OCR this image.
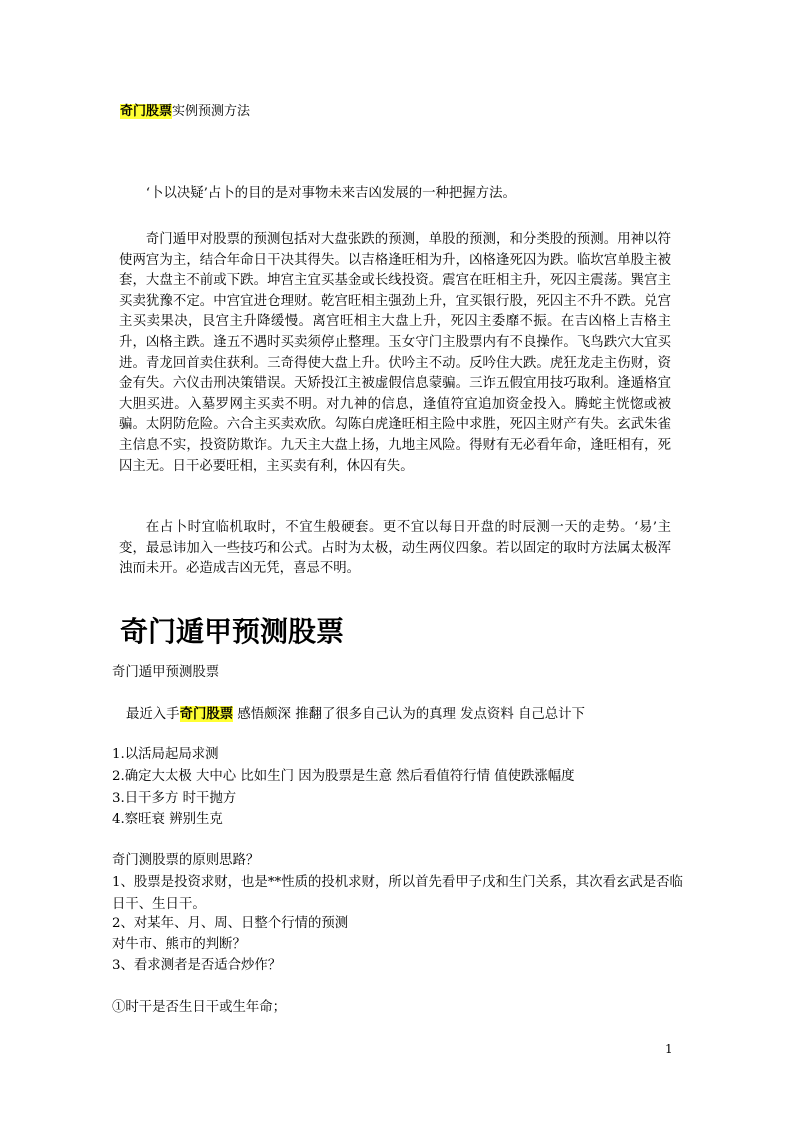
奇门股票实例预测方法

‘卜以决疑’占卜的目的是对事物未来吉凶发展的一种把握方法。

奇门遁甲对股票的预测包括对大盘张跌的预测，单股的预测，和分类股的预测。用神以符使两宫为主，结合年命日干决其得失。以吉格逢旺相为升，凶格逢死囚为跌。临坎宫单股主被套，大盘主不前或下跌。坤宫主宜买基金或长线投资。震宫在旺相主升，死囚主震荡。巽宫主买卖犹豫不定。中宫宜进仓理财。乾宫旺相主强劲上升，宜买银行股，死囚主不升不跌。兑宫主买卖果决，艮宫主升降缓慢。离宫旺相主大盘上升，死囚主委靡不振。在吉凶格上吉格主升，凶格主跌。逢五不遇时买卖须停止整理。玉女守门主股票内有不良操作。飞鸟跌穴大宜买进。青龙回首卖住获利。三奇得使大盘上升。伏吟主不动。反吟住大跌。虎狂龙走主伤财，资金有失。六仪击刑决策错误。天矫投江主被虚假信息蒙骗。三诈五假宜用技巧取利。逢遁格宜大胆买进。入墓罗网主买卖不明。对九神的信息，逢值符宜追加资金投入。腾蛇主恍惚或被骗。太阴防危险。六合主买卖欢欣。勾陈白虎逢旺相主险中求胜，死囚主财产有失。玄武朱雀主信息不实，投资防欺诈。九天主大盘上扬，九地主风险。得财有无必看年命，逢旺相有，死囚主无。日干必要旺相，主买卖有利，休囚有失。

在占卜时宜临机取时，不宜生般硬套。更不宜以每日开盘的时辰测一天的走势。‘易’主变，最忌讳加入一些技巧和公式。占时为太极，动生两仪四象。若以固定的取时方法属太极浑浊而未开。必造成吉凶无凭，喜忌不明。

奇门遁甲预测股票

奇门遁甲预测股票

最近入手奇门股票 感悟颇深 推翻了很多自己认为的真理 发点资料 自己总计下

1.以活局起局求测

2.确定大太极 大中心 比如生门 因为股票是生意 然后看值符行情 值使跌涨幅度

3.日干多方 时干抛方

4.察旺衰 辨别生克

奇门测股票的原则思路？

1、股票是投资求财，也是**性质的投机求财，所以首先看甲子戊和生门关系，其次看玄武是否临日干、生日干。

2、对某年、月、周、日整个行情的预测

对牛市、熊市的判断？

3、看求测者是否适合炒作？

①时干是否生日干或生年命；

1
